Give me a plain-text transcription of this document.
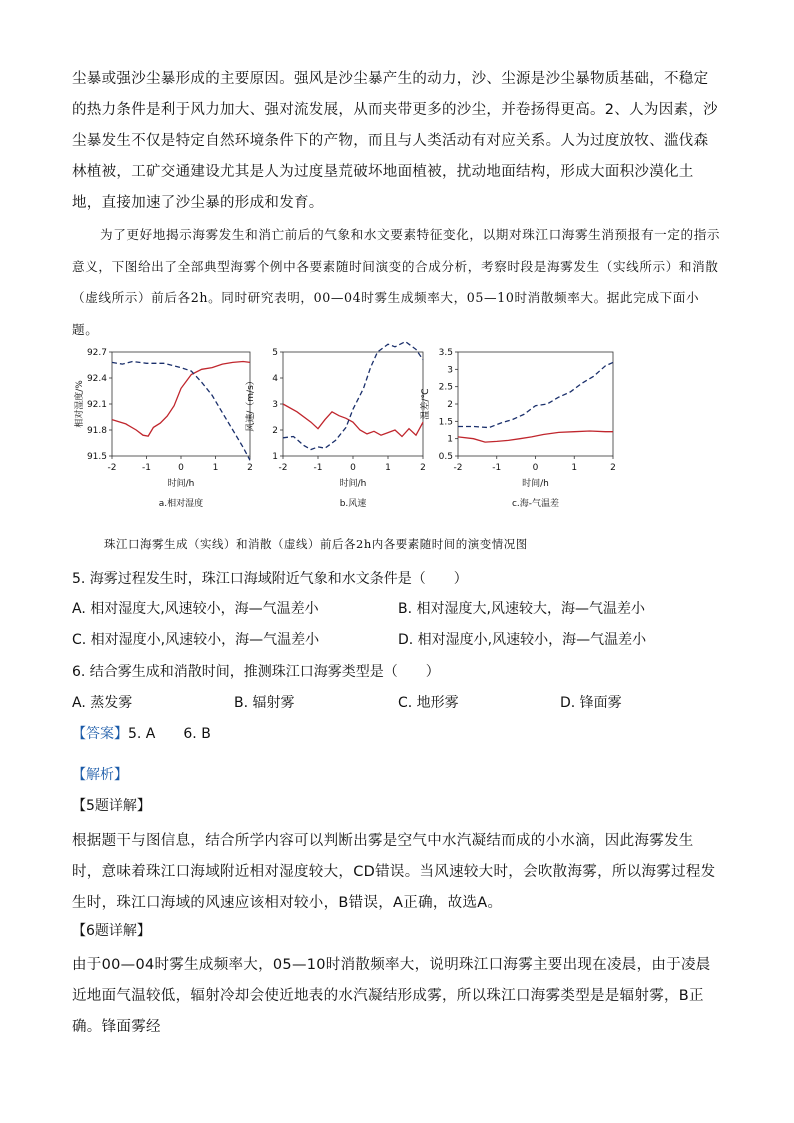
尘暴或强沙尘暴形成的主要原因。强风是沙尘暴产生的动力，沙、尘源是沙尘暴物质基础，不稳定的热力条件是利于风力加大、强对流发展，从而夹带更多的沙尘，并卷扬得更高。2、人为因素，沙尘暴发生不仅是特定自然环境条件下的产物，而且与人类活动有对应关系。人为过度放牧、滥伐森林植被，工矿交通建设尤其是人为过度垦荒破坏地面植被，扰动地面结构，形成大面积沙漠化土地，直接加速了沙尘暴的形成和发育。
为了更好地揭示海雾发生和消亡前后的气象和水文要素特征变化，以期对珠江口海雾生消预报有一定的指示意义，下图给出了全部典型海雾个例中各要素随时间演变的合成分析，考察时段是海雾发生（实线所示）和消散（虚线所示）前后各2h。同时研究表明，00—04时雾生成频率大，05—10时消散频率大。据此完成下面小题。
-2	-1	0	1	2
91.5
91.8
92.1
92.4
92.7
时间/h
相对湿度/%
a.相对湿度
-2	-1	0	1	2
1
2
3
4
5
时间/h
风速/（m/s）
b.风速
-2	-1	0	1	2
0.5
1
1.5
2
2.5
3
3.5
时间/h
温差/℃
c.海-气温差
珠江口海雾生成（实线）和消散（虚线）前后各2h内各要素随时间的演变情况图
5. 海雾过程发生时，珠江口海域附近气象和水文条件是（　　）
A. 相对湿度大,风速较小，海—气温差小	B. 相对湿度大,风速较大，海—气温差小
C. 相对湿度小,风速较小，海—气温差小	D. 相对湿度小,风速较小，海—气温差小
6. 结合雾生成和消散时间，推测珠江口海雾类型是（　　）
A. 蒸发雾	B. 辐射雾	C. 地形雾	D. 锋面雾
【答案】5. A　　6. B
【解析】
【5题详解】
根据题干与图信息，结合所学内容可以判断出雾是空气中水汽凝结而成的小水滴，因此海雾发生时，意味着珠江口海域附近相对湿度较大，CD错误。当风速较大时，会吹散海雾，所以海雾过程发生时，珠江口海域的风速应该相对较小，B错误，A正确，故选A。
【6题详解】
由于00—04时雾生成频率大，05—10时消散频率大，说明珠江口海雾主要出现在凌晨，由于凌晨近地面气温较低，辐射冷却会使近地表的水汽凝结形成雾，所以珠江口海雾类型是是辐射雾，B正确。锋面雾经
